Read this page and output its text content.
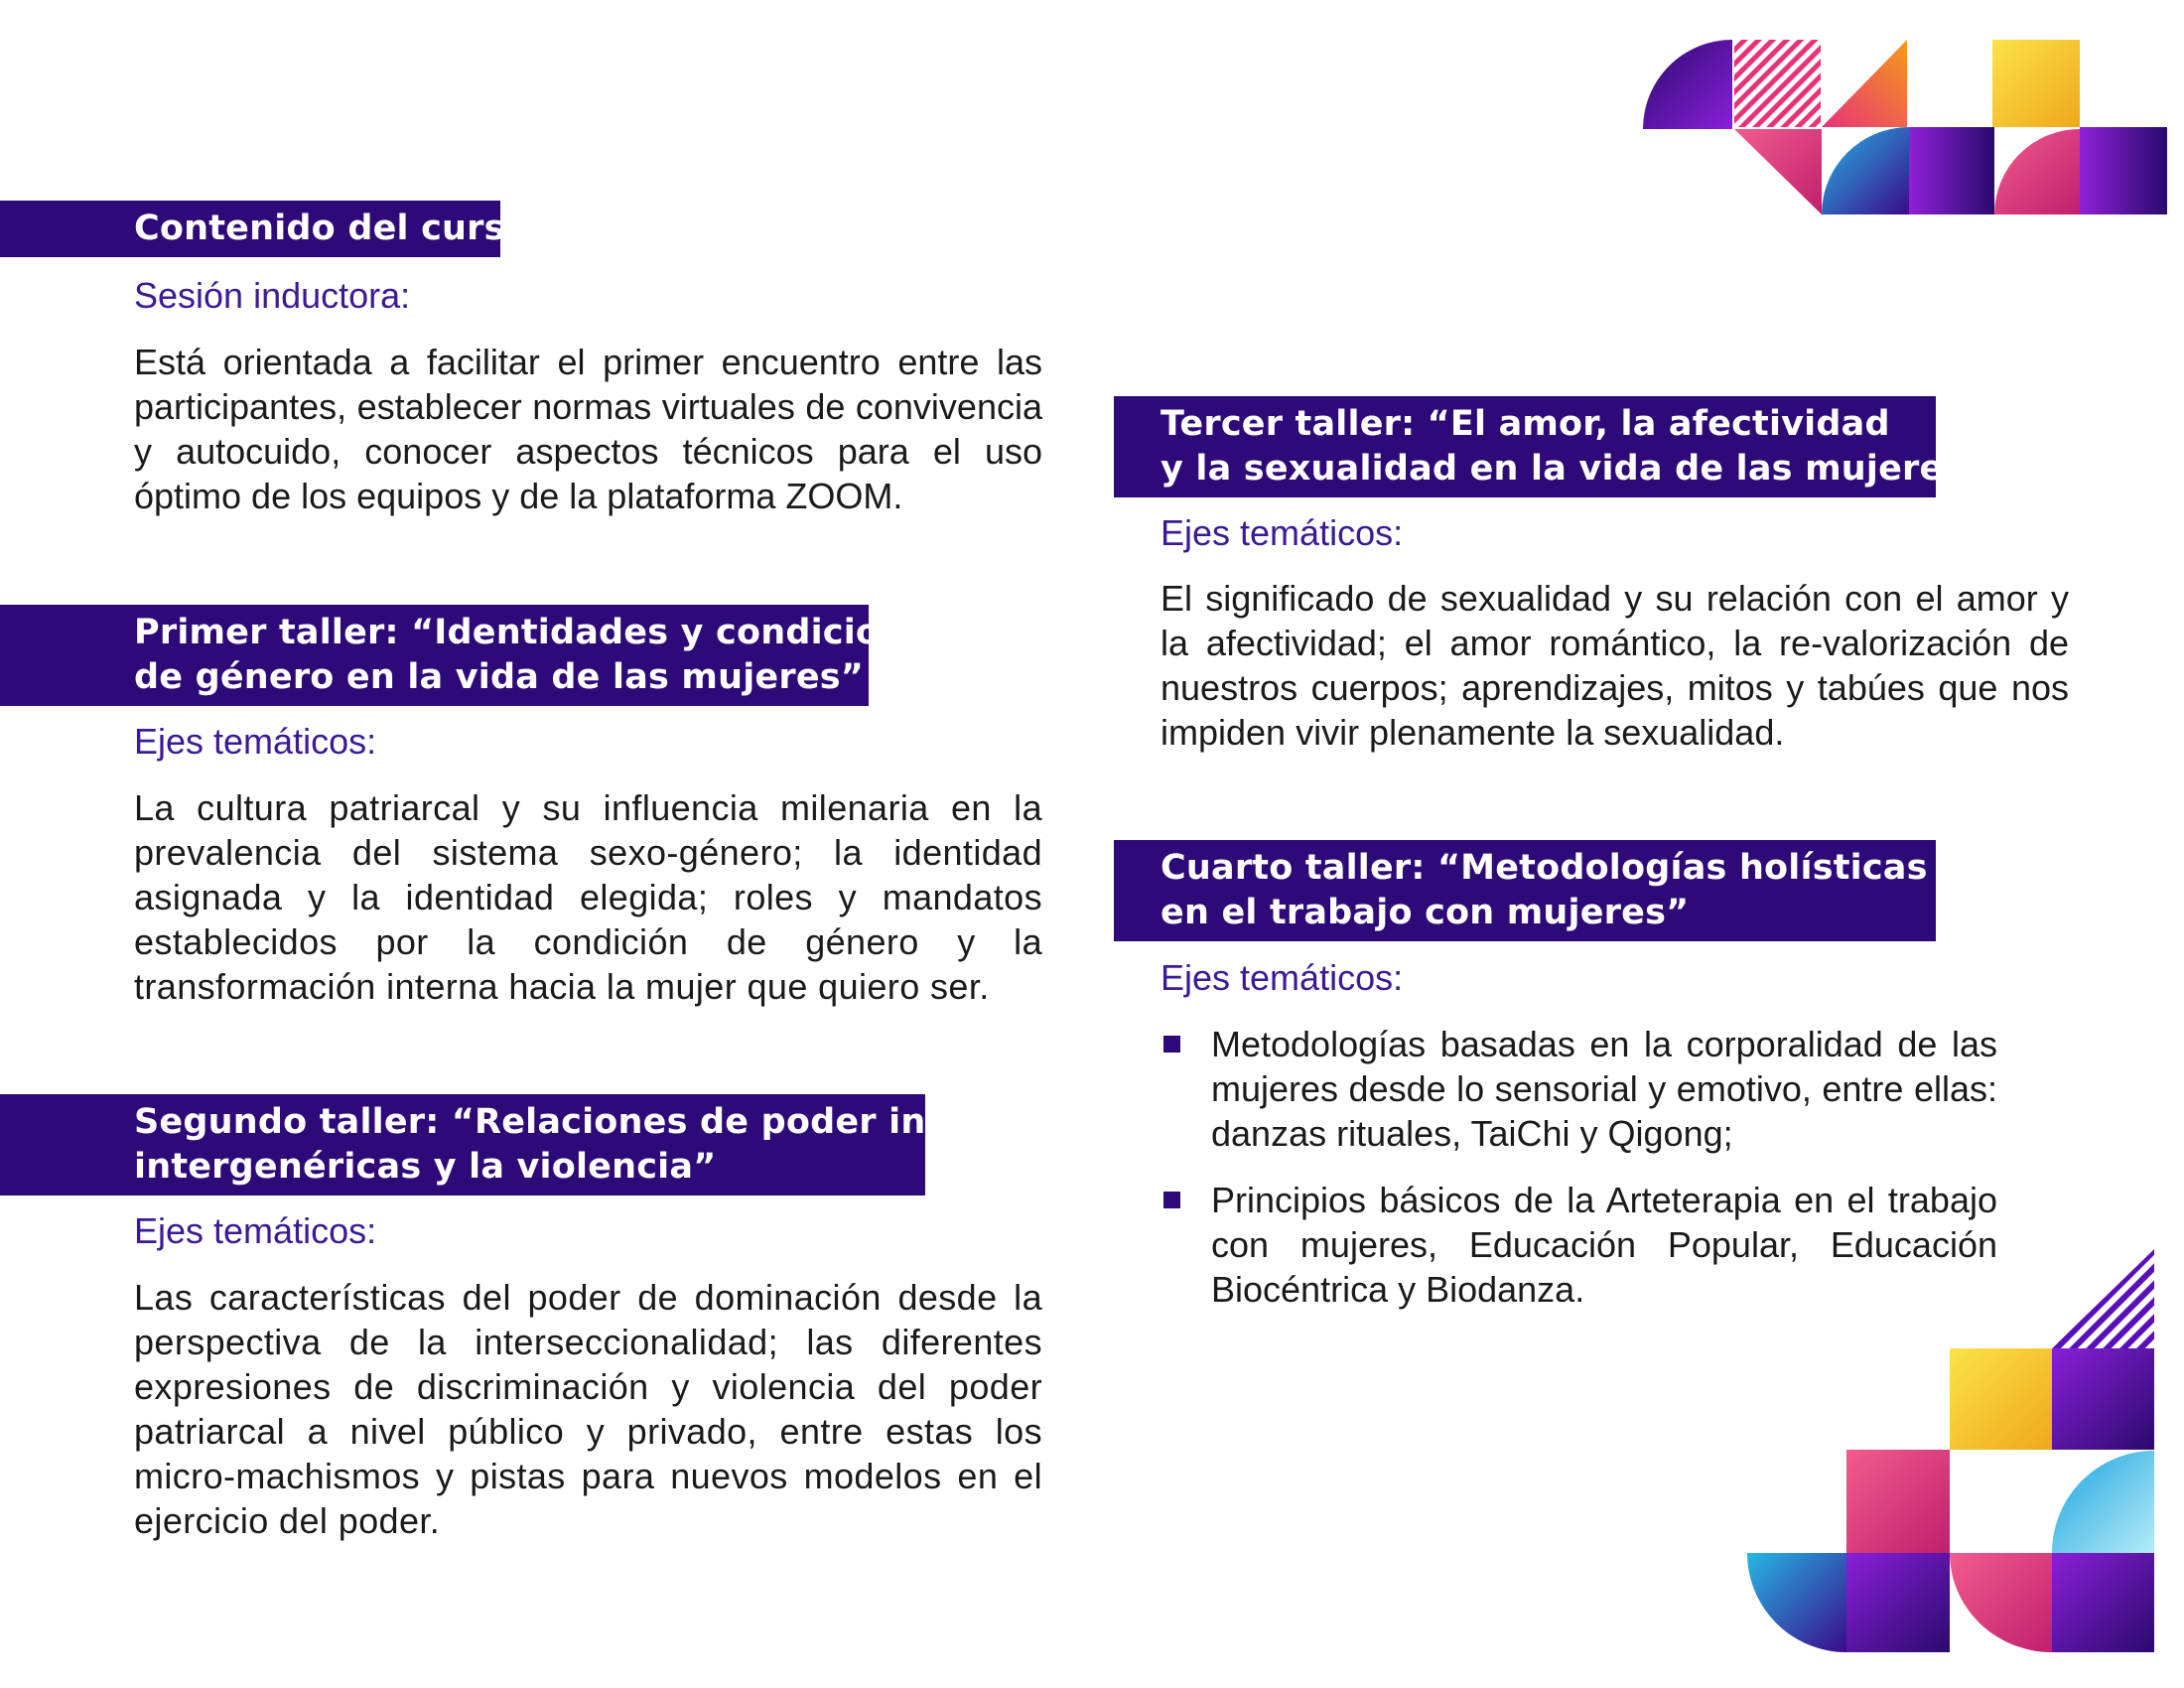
Contenido del curso:
Sesión inductora:
Está orientada a facilitar el primer encuentro entre las participantes, establecer normas virtuales de convivencia y autocuido, conocer aspectos técnicos para el uso óptimo de los equipos y de la plataforma ZOOM.
Primer taller: “Identidades y condiciones
de género en la vida de las mujeres”
Ejes temáticos:
La cultura patriarcal y su influencia milenaria en la prevalencia del sistema sexo-género; la identidad asignada y la identidad elegida; roles y mandatos establecidos por la condición de género y la transformación interna hacia la mujer que quiero ser.
Segundo taller: “Relaciones de poder intra e
intergenéricas y la violencia”
Ejes temáticos:
Las características del poder de dominación desde la perspectiva de la interseccionalidad; las diferentes expresiones de discriminación y violencia del poder patriarcal a nivel público y privado, entre estas los micro-machismos y pistas para nuevos modelos en el ejercicio del poder.
Tercer taller: “El amor, la afectividad
y la sexualidad en la vida de las mujeres”
Ejes temáticos:
El significado de sexualidad y su relación con el amor y la afectividad; el amor romántico, la re-valorización de nuestros cuerpos; aprendizajes, mitos y tabúes que nos impiden vivir plenamente la sexualidad.
Cuarto taller: “Metodologías holísticas
en el trabajo con mujeres”
Ejes temáticos:
Metodologías basadas en la corporalidad de las mujeres desde lo sensorial y emotivo, entre ellas: danzas rituales, TaiChi y Qigong;
Principios básicos de la Arteterapia en el trabajo con mujeres, Educación Popular, Educación Biocéntrica y Biodanza.
